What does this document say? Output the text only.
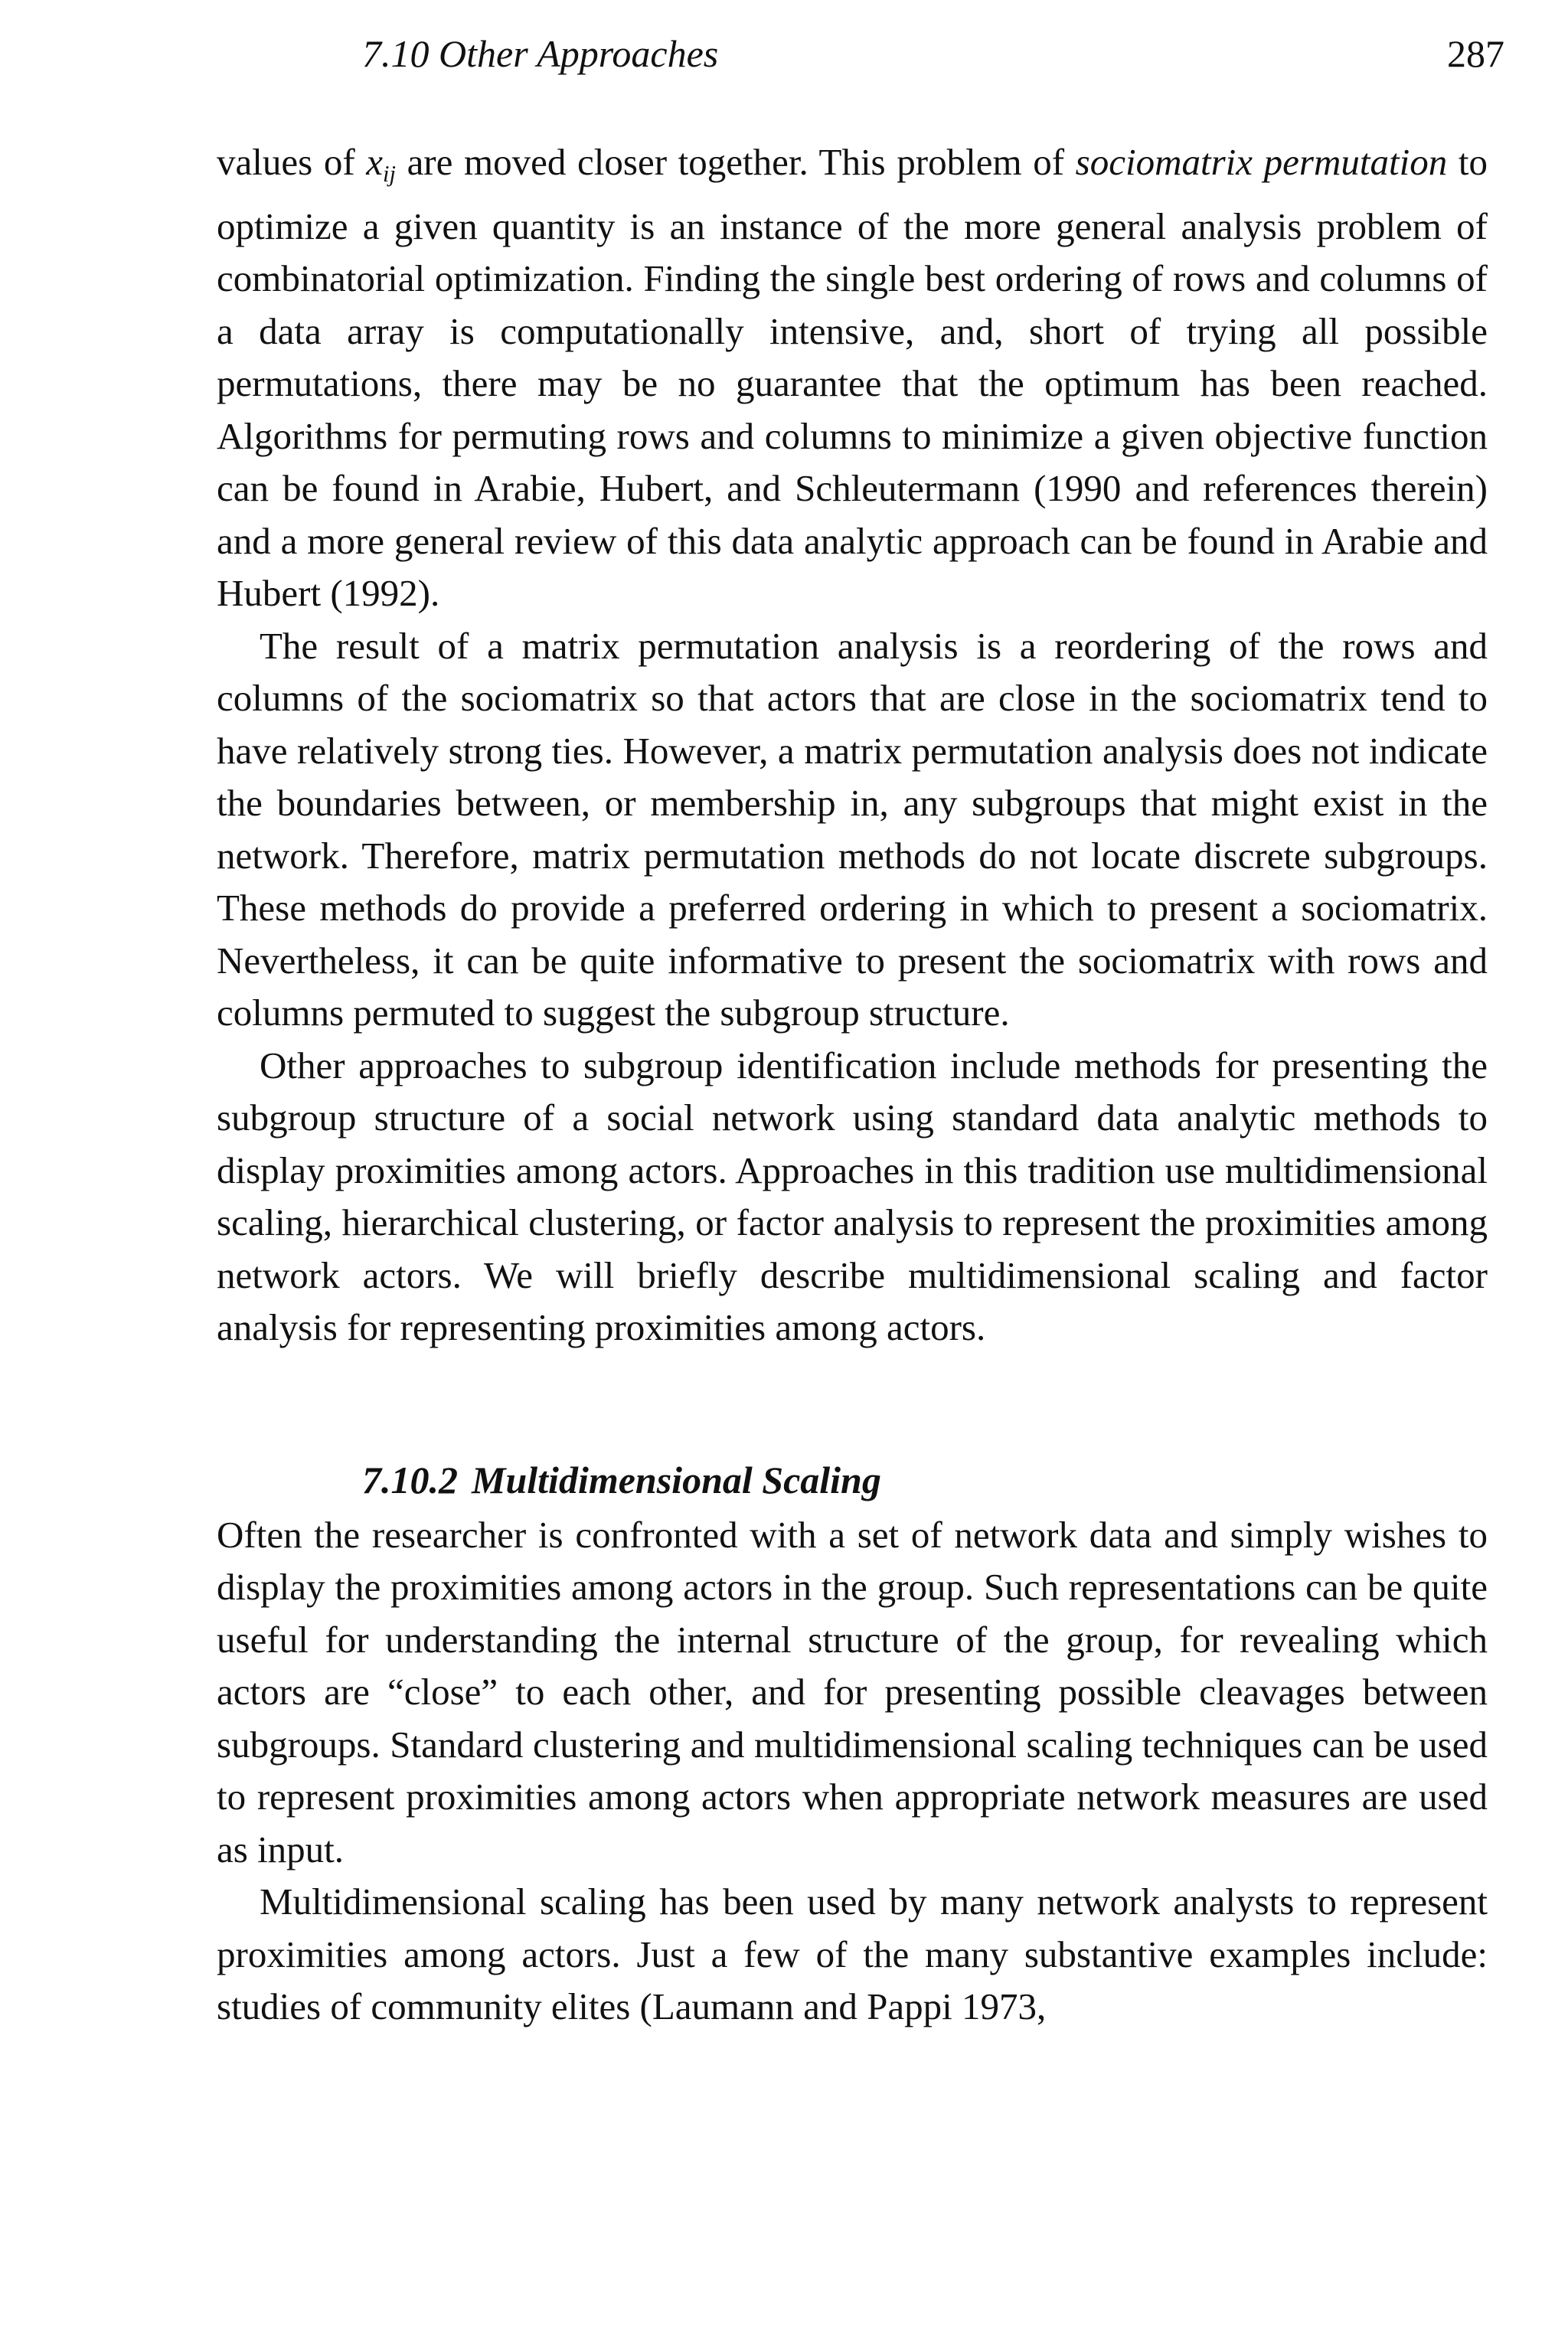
7.10 Other Approaches	287

values of $x_{ij}$ are moved closer together. This problem of sociomatrix permutation to optimize a given quantity is an instance of the more general analysis problem of combinatorial optimization. Finding the single best ordering of rows and columns of a data array is computationally intensive, and, short of trying all possible permutations, there may be no guarantee that the optimum has been reached. Algorithms for permuting rows and columns to minimize a given objective function can be found in Arabie, Hubert, and Schleutermann (1990 and references therein) and a more general review of this data analytic approach can be found in Arabie and Hubert (1992).

The result of a matrix permutation analysis is a reordering of the rows and columns of the sociomatrix so that actors that are close in the sociomatrix tend to have relatively strong ties. However, a matrix permutation analysis does not indicate the boundaries between, or membership in, any subgroups that might exist in the network. Therefore, matrix permutation methods do not locate discrete subgroups. These methods do provide a preferred ordering in which to present a sociomatrix. Nevertheless, it can be quite informative to present the sociomatrix with rows and columns permuted to suggest the subgroup structure.

Other approaches to subgroup identification include methods for presenting the subgroup structure of a social network using standard data analytic methods to display proximities among actors. Approaches in this tradition use multidimensional scaling, hierarchical clustering, or factor analysis to represent the proximities among network actors. We will briefly describe multidimensional scaling and factor analysis for representing proximities among actors.

7.10.2 Multidimensional Scaling

Often the researcher is confronted with a set of network data and simply wishes to display the proximities among actors in the group. Such representations can be quite useful for understanding the internal structure of the group, for revealing which actors are “close” to each other, and for presenting possible cleavages between subgroups. Standard clustering and multidimensional scaling techniques can be used to represent proximities among actors when appropriate network measures are used as input.

Multidimensional scaling has been used by many network analysts to represent proximities among actors. Just a few of the many substantive examples include: studies of community elites (Laumann and Pappi 1973,
